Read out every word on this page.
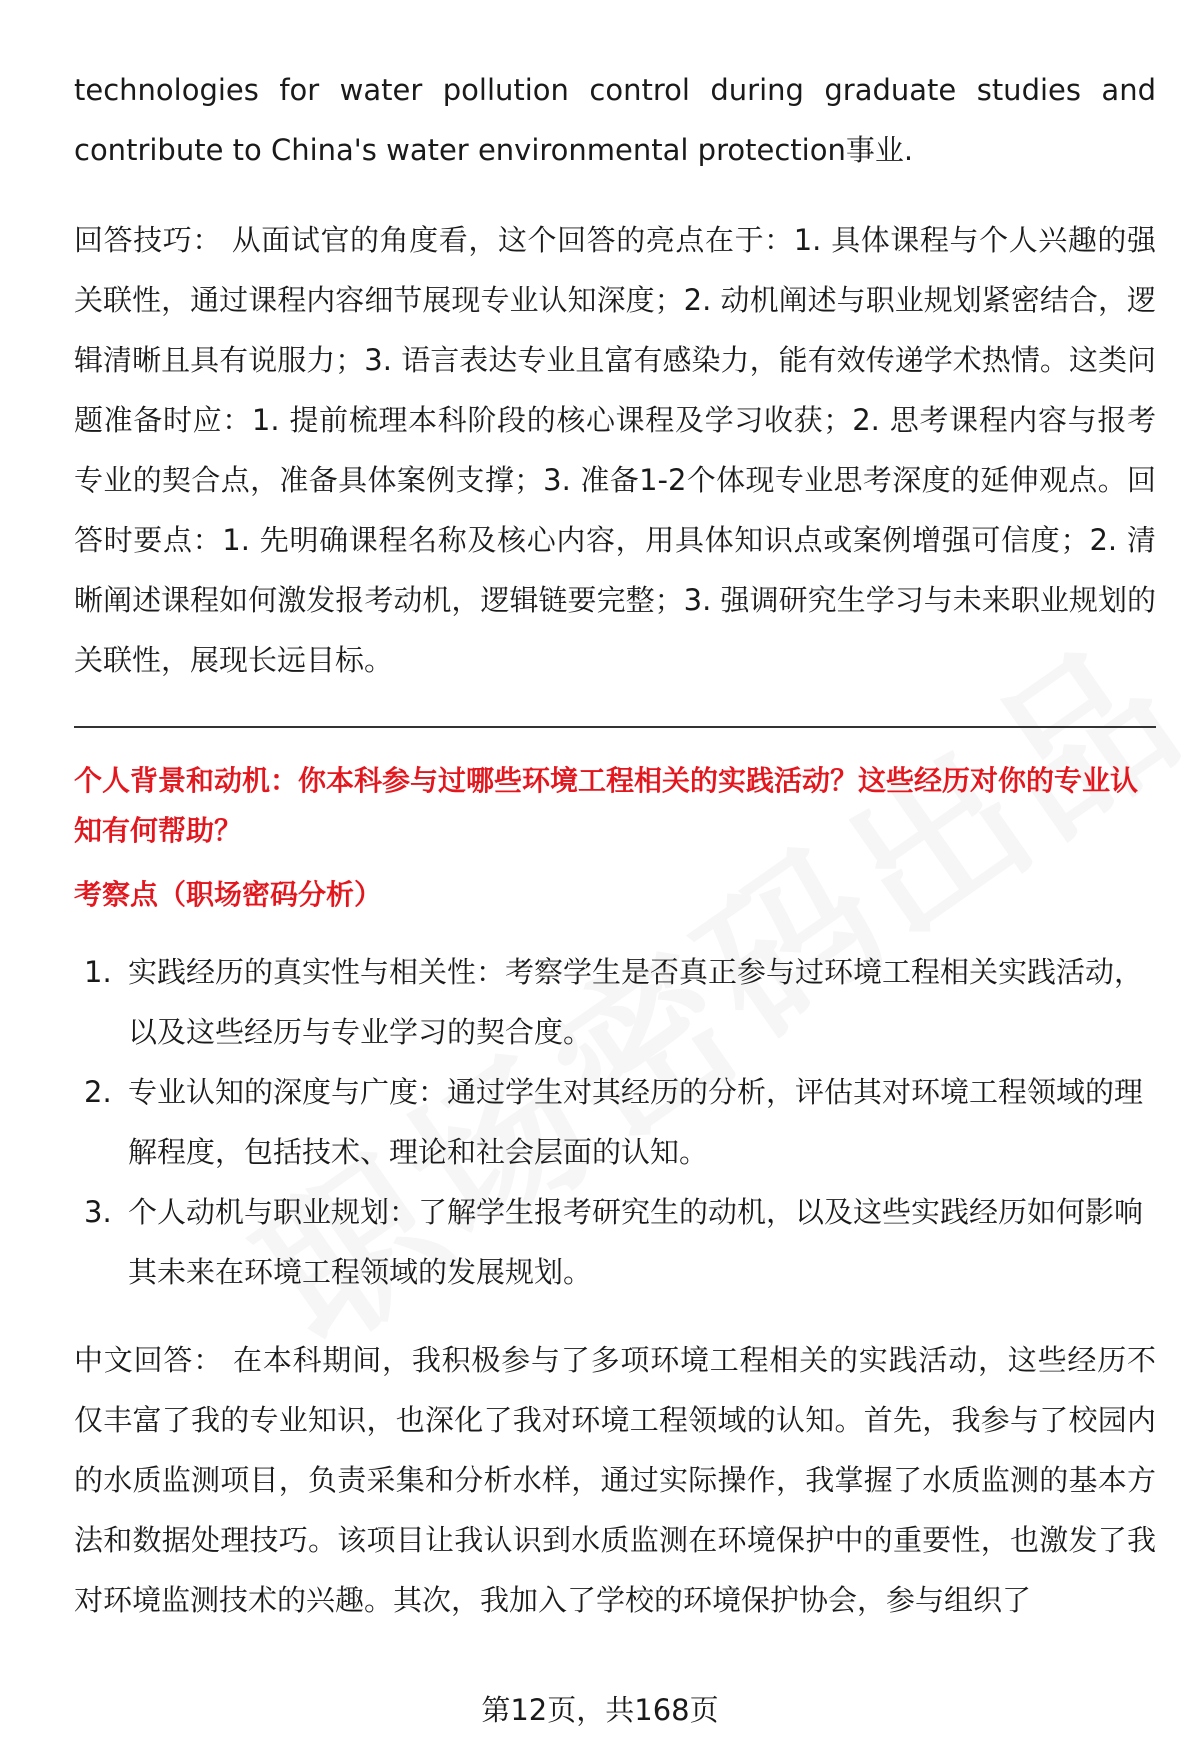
technologies for water pollution control during graduate studies and contribute to China's water environmental protection事业.

回答技巧： 从面试官的角度看，这个回答的亮点在于：1. 具体课程与个人兴趣的强关联性，通过课程内容细节展现专业认知深度；2. 动机阐述与职业规划紧密结合，逻辑清晰且具有说服力；3. 语言表达专业且富有感染力，能有效传递学术热情。这类问题准备时应：1. 提前梳理本科阶段的核心课程及学习收获；2. 思考课程内容与报考专业的契合点，准备具体案例支撑；3. 准备1-2个体现专业思考深度的延伸观点。回答时要点：1. 先明确课程名称及核心内容，用具体知识点或案例增强可信度；2. 清晰阐述课程如何激发报考动机，逻辑链要完整；3. 强调研究生学习与未来职业规划的关联性，展现长远目标。

个人背景和动机：你本科参与过哪些环境工程相关的实践活动？这些经历对你的专业认知有何帮助？
考察点（职场密码分析）
1. 实践经历的真实性与相关性：考察学生是否真正参与过环境工程相关实践活动，以及这些经历与专业学习的契合度。
2. 专业认知的深度与广度：通过学生对其经历的分析，评估其对环境工程领域的理解程度，包括技术、理论和社会层面的认知。
3. 个人动机与职业规划：了解学生报考研究生的动机，以及这些实践经历如何影响其未来在环境工程领域的发展规划。

中文回答： 在本科期间，我积极参与了多项环境工程相关的实践活动，这些经历不仅丰富了我的专业知识，也深化了我对环境工程领域的认知。首先，我参与了校园内的水质监测项目，负责采集和分析水样，通过实际操作，我掌握了水质监测的基本方法和数据处理技巧。该项目让我认识到水质监测在环境保护中的重要性，也激发了我对环境监测技术的兴趣。其次，我加入了学校的环境保护协会，参与组织了

第12页，共168页
